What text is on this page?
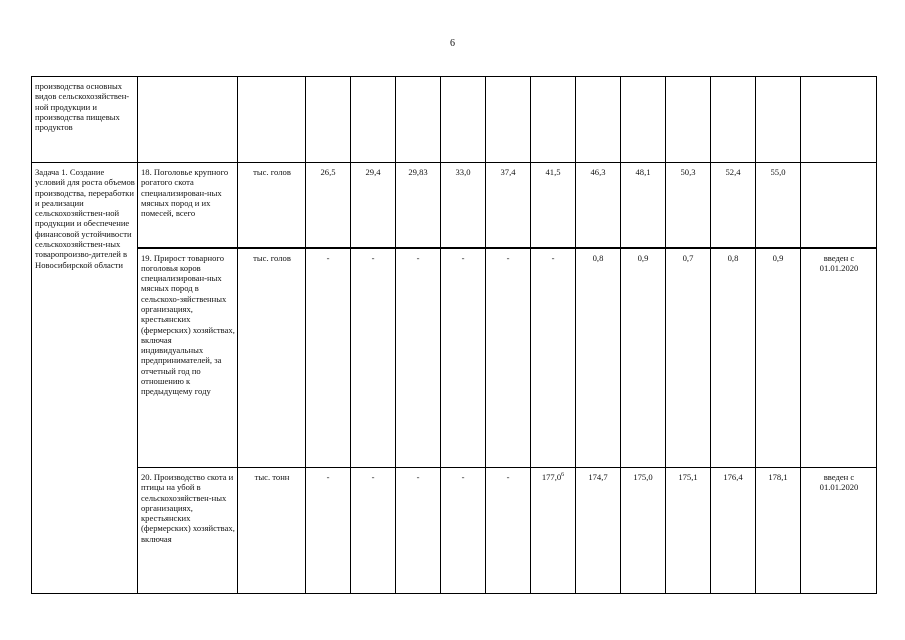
6
производства основных видов сельскохозяйствен-ной продукции и производства пищевых продуктов														
Задача 1. Создание условий для роста объемов производства, переработки и реализации сельскохозяйствен-ной продукции и обеспечение финансовой устойчивости сельскохозяйствен-ных товаропроизво-дителей в Новосибирской области	18. Поголовье крупного рогатого скота специализирован-ных мясных пород и их помесей, всего	тыс. голов	26,5	29,4	29,83	33,0	37,4	41,5	46,3	48,1	50,3	52,4	55,0	
	19. Прирост товарного поголовья коров специализирован-ных мясных пород в сельскохо-зяйственных организациях, крестьянских (фермерских) хозяйствах, включая индивидуальных предпринимателей, за отчетный год по отношению к предыдущему году	тыс. голов	-	-	-	-	-	-	0,8	0,9	0,7	0,8	0,9	введен с 01.01.2020
	20. Производство скота и птицы на убой в сельскохозяйствен-ных организациях, крестьянских (фермерских) хозяйствах, включая	тыс. тонн	-	-	-	-	-	177,0$^6$	174,7	175,0	175,1	176,4	178,1	введен с 01.01.2020
